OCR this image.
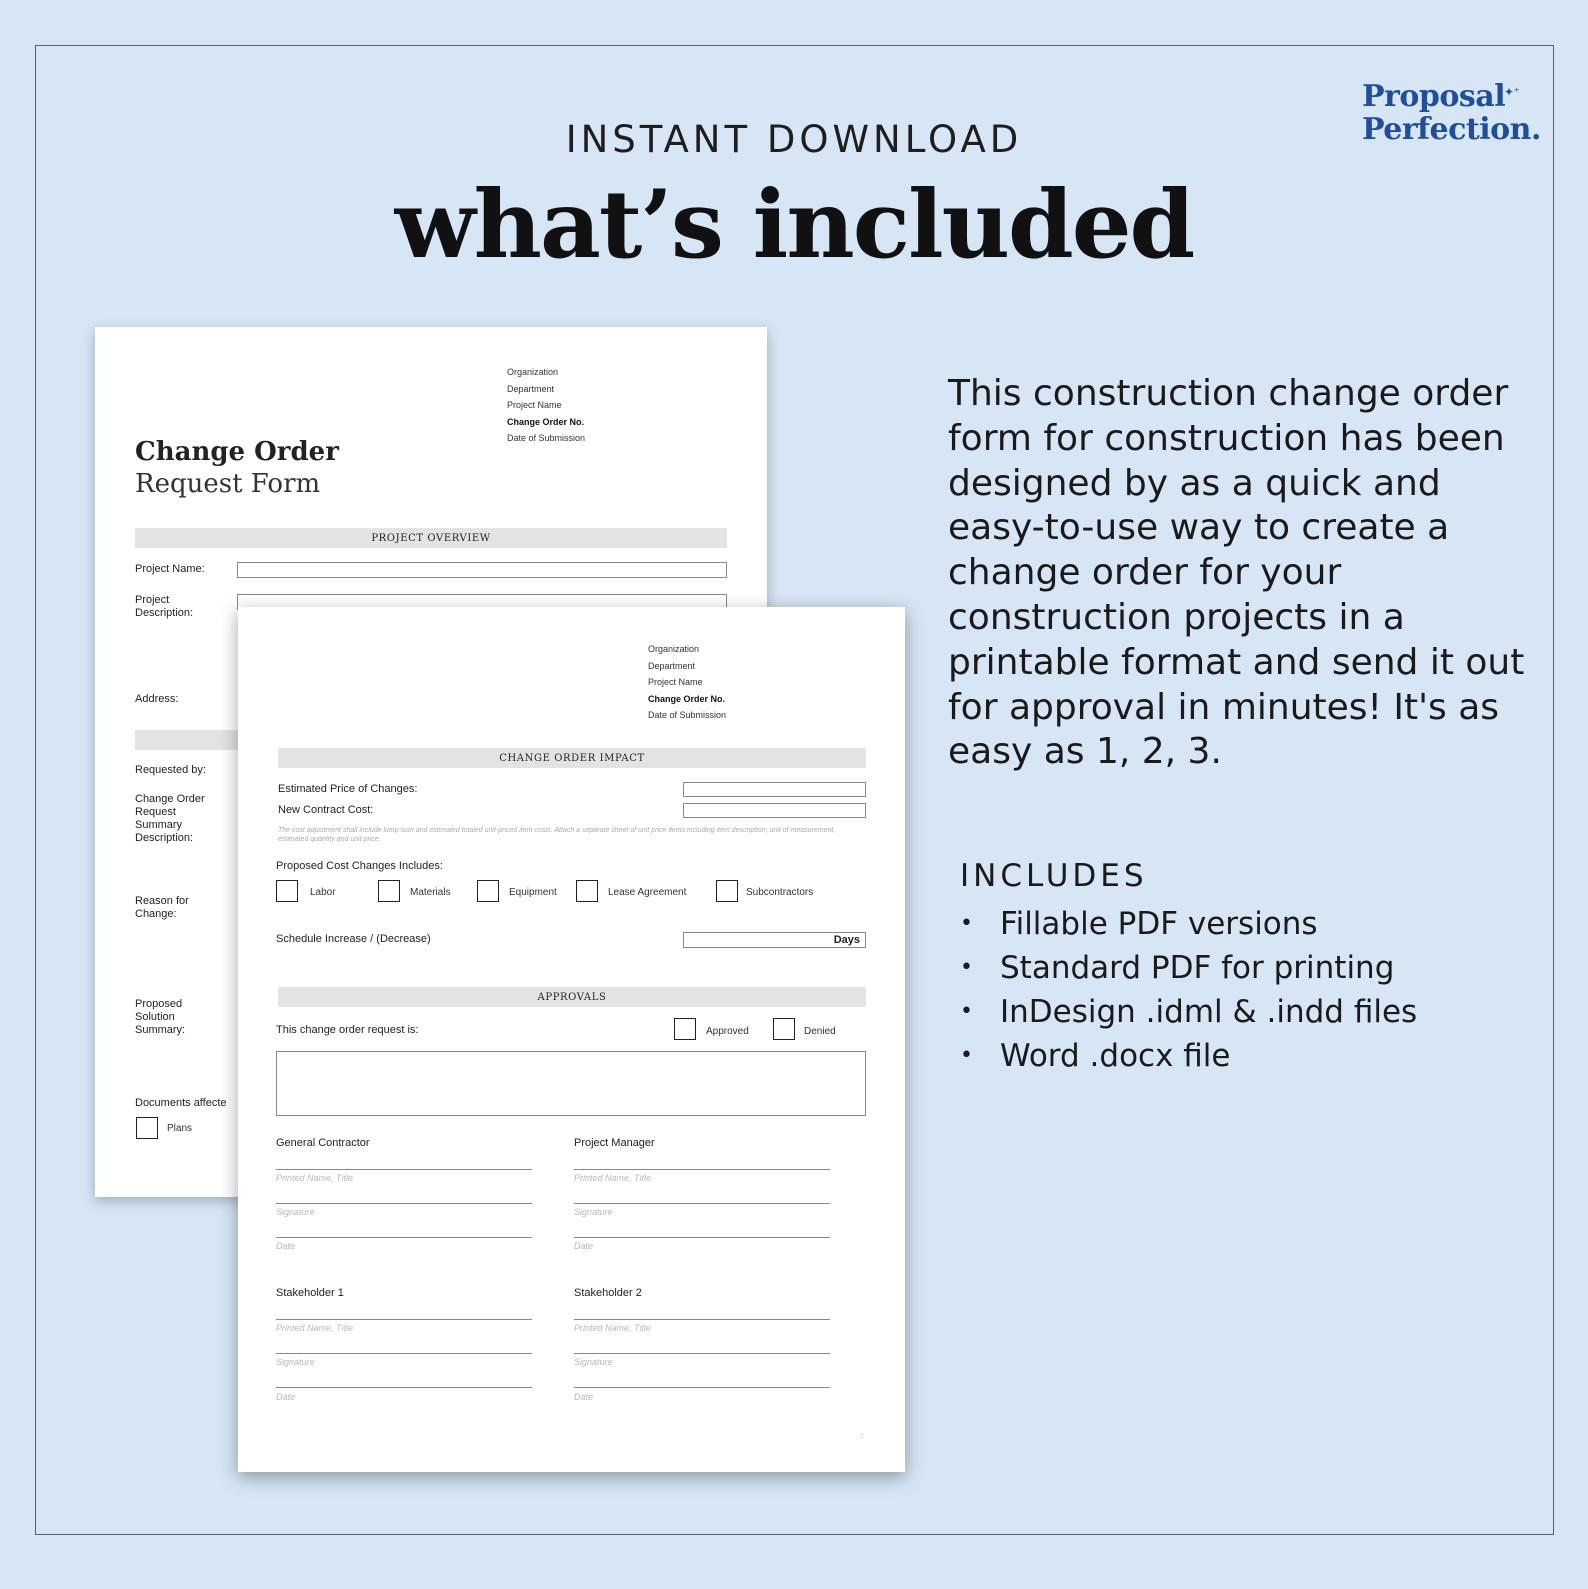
Proposal
Perfection.
✦⁺
INSTANT DOWNLOAD
what’s included
Organization
Department
Project Name
Change Order No.
Date of Submission
Change Order
Request Form
PROJECT OVERVIEW
Project Name:
Project
Description:
Address:
Requested by:
Change Order
Request
Summary
Description:
Reason for
Change:
Proposed
Solution
Summary:
Documents affecte
Plans
Organization
Department
Project Name
Change Order No.
Date of Submission
CHANGE ORDER IMPACT
Estimated Price of Changes:
New Contract Cost:
The cost adjustment shall include lump sum and estimated totaled unit-priced item costs. Attach a separate sheet of unit price items including item description, unit of measurement, estimated quantity and unit price.
Proposed Cost Changes Includes:
Labor	Materials	Equipment	Lease Agreement	Subcontractors
Schedule Increase / (Decrease)	Days
APPROVALS
This change order request is:	Approved	Denied
General Contractor
Printed Name, Title
Signature
Date
Project Manager
Printed Name, Title
Signature
Date
Stakeholder 1
Printed Name, Title
Signature
Date
Stakeholder 2
Printed Name, Title
Signature
Date
2
This construction change order form for construction has been designed by as a quick and easy-to-use way to create a change order for your construction projects in a printable format and send it out for approval in minutes! It's as easy as 1, 2, 3.
INCLUDES
• Fillable PDF versions
• Standard PDF for printing
• InDesign .idml & .indd files
• Word .docx file
